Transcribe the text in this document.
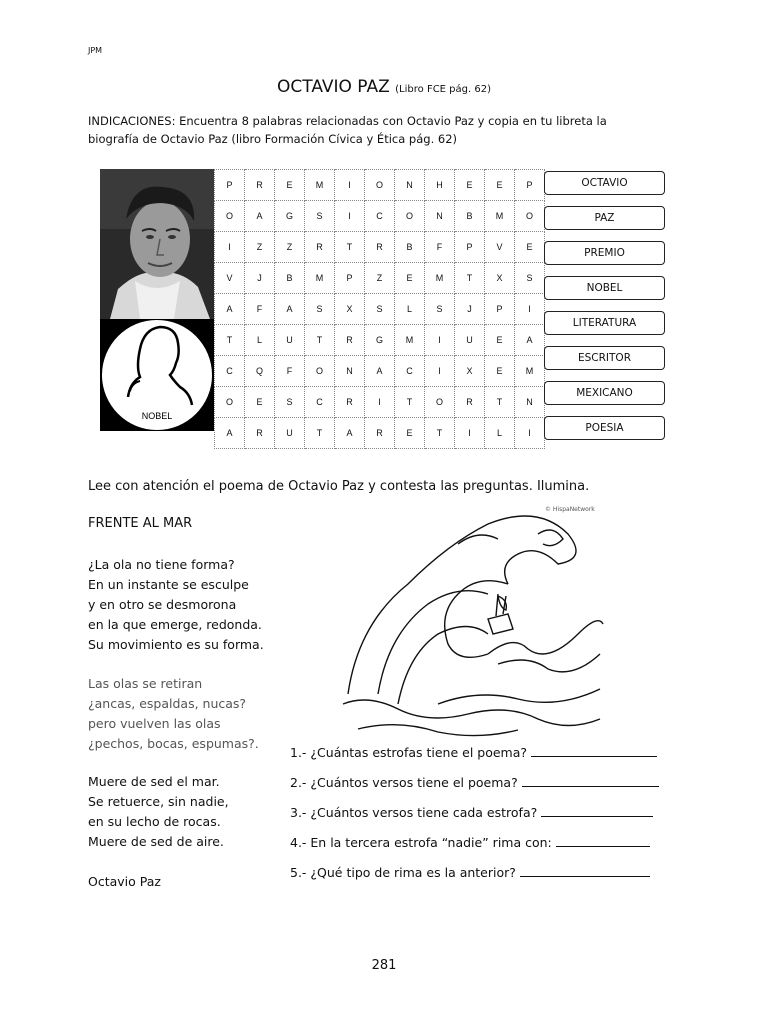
JPM
OCTAVIO PAZ (Libro FCE pág. 62)
INDICACIONES: Encuentra 8 palabras relacionadas con Octavio Paz y copia en tu libreta la biografía de Octavio Paz (libro Formación Cívica y Ética pág. 62)
NOBEL
P	R	E	M	I	O	N	H	E	E	P
O	A	G	S	I	C	O	N	B	M	O
I	Z	Z	R	T	R	B	F	P	V	E
V	J	B	M	P	Z	E	M	T	X	S
A	F	A	S	X	S	L	S	J	P	I
T	L	U	T	R	G	M	I	U	E	A
C	Q	F	O	N	A	C	I	X	E	M
O	E	S	C	R	I	T	O	R	T	N
A	R	U	T	A	R	E	T	I	L	I
OCTAVIO
PAZ
PREMIO
NOBEL
LITERATURA
ESCRITOR
MEXICANO
POESIA
Lee con atención el poema de Octavio Paz y contesta las preguntas. Ilumina.
FRENTE AL MAR
¿La ola no tiene forma?
En un instante se esculpe
y en otro se desmorona
en la que emerge, redonda.
Su movimiento es su forma.
Las olas se retiran
¿ancas, espaldas, nucas?
pero vuelven las olas
¿pechos, bocas, espumas?.
Muere de sed el mar.
Se retuerce, sin nadie,
en su lecho de rocas.
Muere de sed de aire.
Octavio Paz
© HispaNetwork
1.- ¿Cuántas estrofas tiene el poema?
2.- ¿Cuántos versos tiene el poema?
3.- ¿Cuántos versos tiene cada estrofa?
4.- En la tercera estrofa “nadie” rima con:
5.- ¿Qué tipo de rima es la anterior?
281
